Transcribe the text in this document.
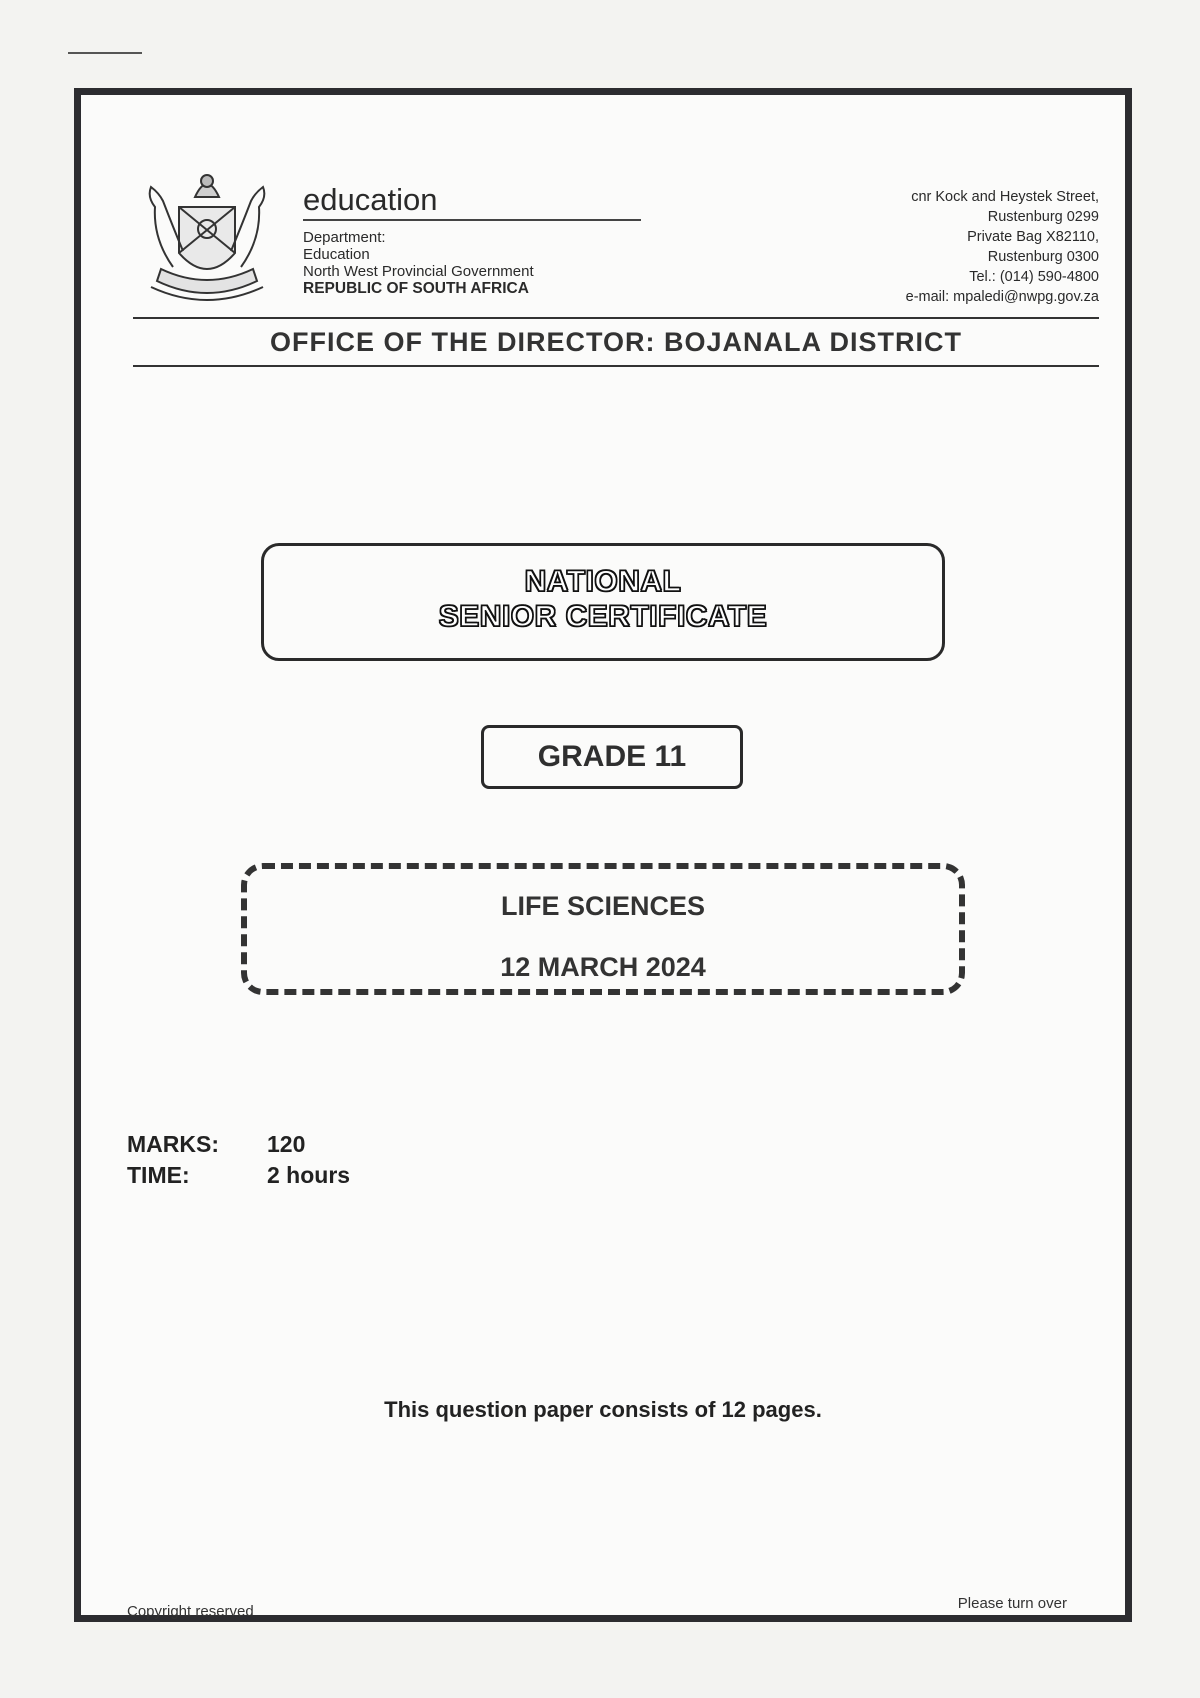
education
Department:
Education
North West Provincial Government
REPUBLIC OF SOUTH AFRICA
cnr Kock and Heystek Street,
Rustenburg 0299
Private Bag X82110,
Rustenburg 0300
Tel.: (014) 590-4800
e-mail: mpaledi@nwpg.gov.za
OFFICE OF THE DIRECTOR: BOJANALA DISTRICT
NATIONAL
SENIOR CERTIFICATE
GRADE 11
LIFE SCIENCES
12 MARCH 2024
MARKS:	120
TIME:	2 hours
This question paper consists of 12 pages.
Copyright reserved	Please turn over
